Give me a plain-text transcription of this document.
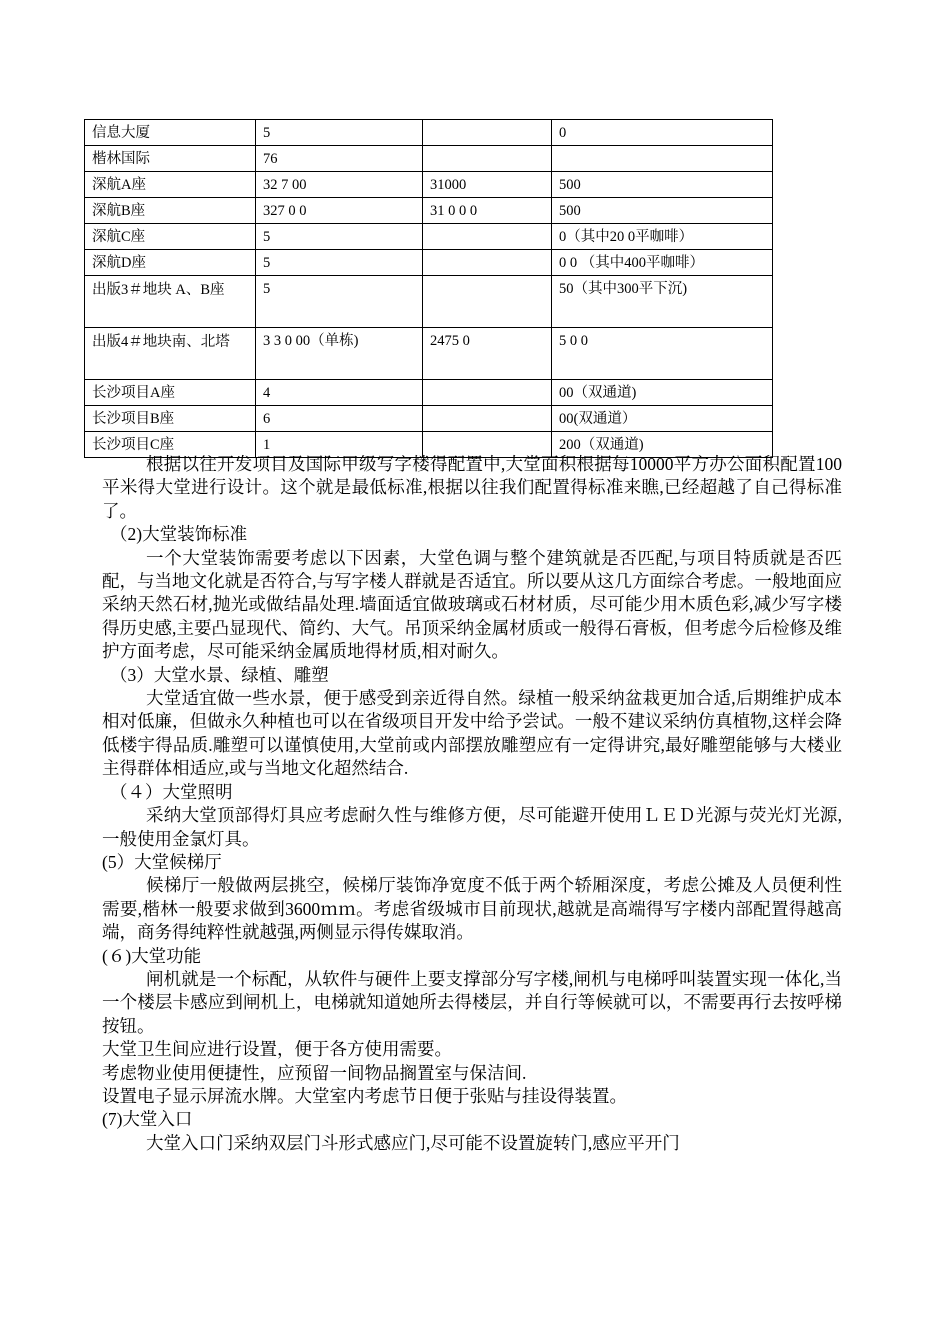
信息大厦	5		0
楷林国际	76		
深航A座	32 7 00	31000	500
深航B座	327 0 0	31 0 0 0	500
深航C座	5		0（其中20 0平咖啡）
深航D座	5		0 0 （其中400平咖啡）
出版3＃地块 A、B座	5		50（其中300平下沉)
出版4＃地块南、北塔	3 3 0 00（单栋)	2475 0	5 0 0
长沙项目A座	4		00（双通道)
长沙项目B座	6		00(双通道）
长沙项目C座	1		200（双通道)

根据以往开发项目及国际甲级写字楼得配置中,大堂面积根据每10000平方办公面积配置100平米得大堂进行设计。这个就是最低标准,根据以往我们配置得标准来瞧,已经超越了自己得标准了。

（2)大堂装饰标准

一个大堂装饰需要考虑以下因素，大堂色调与整个建筑就是否匹配,与项目特质就是否匹配，与当地文化就是否符合,与写字楼人群就是否适宜。所以要从这几方面综合考虑。一般地面应采纳天然石材,抛光或做结晶处理.墙面适宜做玻璃或石材材质，尽可能少用木质色彩,减少写字楼得历史感,主要凸显现代、简约、大气。吊顶采纳金属材质或一般得石膏板，但考虑今后检修及维护方面考虑，尽可能采纳金属质地得材质,相对耐久。

（3）大堂水景、绿植、雕塑

大堂适宜做一些水景，便于感受到亲近得自然。绿植一般采纳盆栽更加合适,后期维护成本相对低廉，但做永久种植也可以在省级项目开发中给予尝试。一般不建议采纳仿真植物,这样会降低楼宇得品质.雕塑可以谨慎使用,大堂前或内部摆放雕塑应有一定得讲究,最好雕塑能够与大楼业主得群体相适应,或与当地文化超然结合.

（４）大堂照明

采纳大堂顶部得灯具应考虑耐久性与维修方便，尽可能避开使用ＬＥＤ光源与荧光灯光源,一般使用金氯灯具。

(5）大堂候梯厅

候梯厅一般做两层挑空，候梯厅装饰净宽度不低于两个轿厢深度，考虑公摊及人员便利性需要,楷林一般要求做到3600ｍｍ。考虑省级城市目前现状,越就是高端得写字楼内部配置得越高端，商务得纯粹性就越强,两侧显示得传媒取消。

(６)大堂功能

闸机就是一个标配，从软件与硬件上要支撑部分写字楼,闸机与电梯呼叫装置实现一体化,当一个楼层卡感应到闸机上，电梯就知道她所去得楼层，并自行等候就可以，不需要再行去按呼梯按钮。

大堂卫生间应进行设置，便于各方使用需要。

考虑物业使用便捷性，应预留一间物品搁置室与保洁间.

设置电子显示屏流水牌。大堂室内考虑节日便于张贴与挂设得装置。

(7)大堂入口

大堂入口门采纳双层门斗形式感应门,尽可能不设置旋转门,感应平开门
